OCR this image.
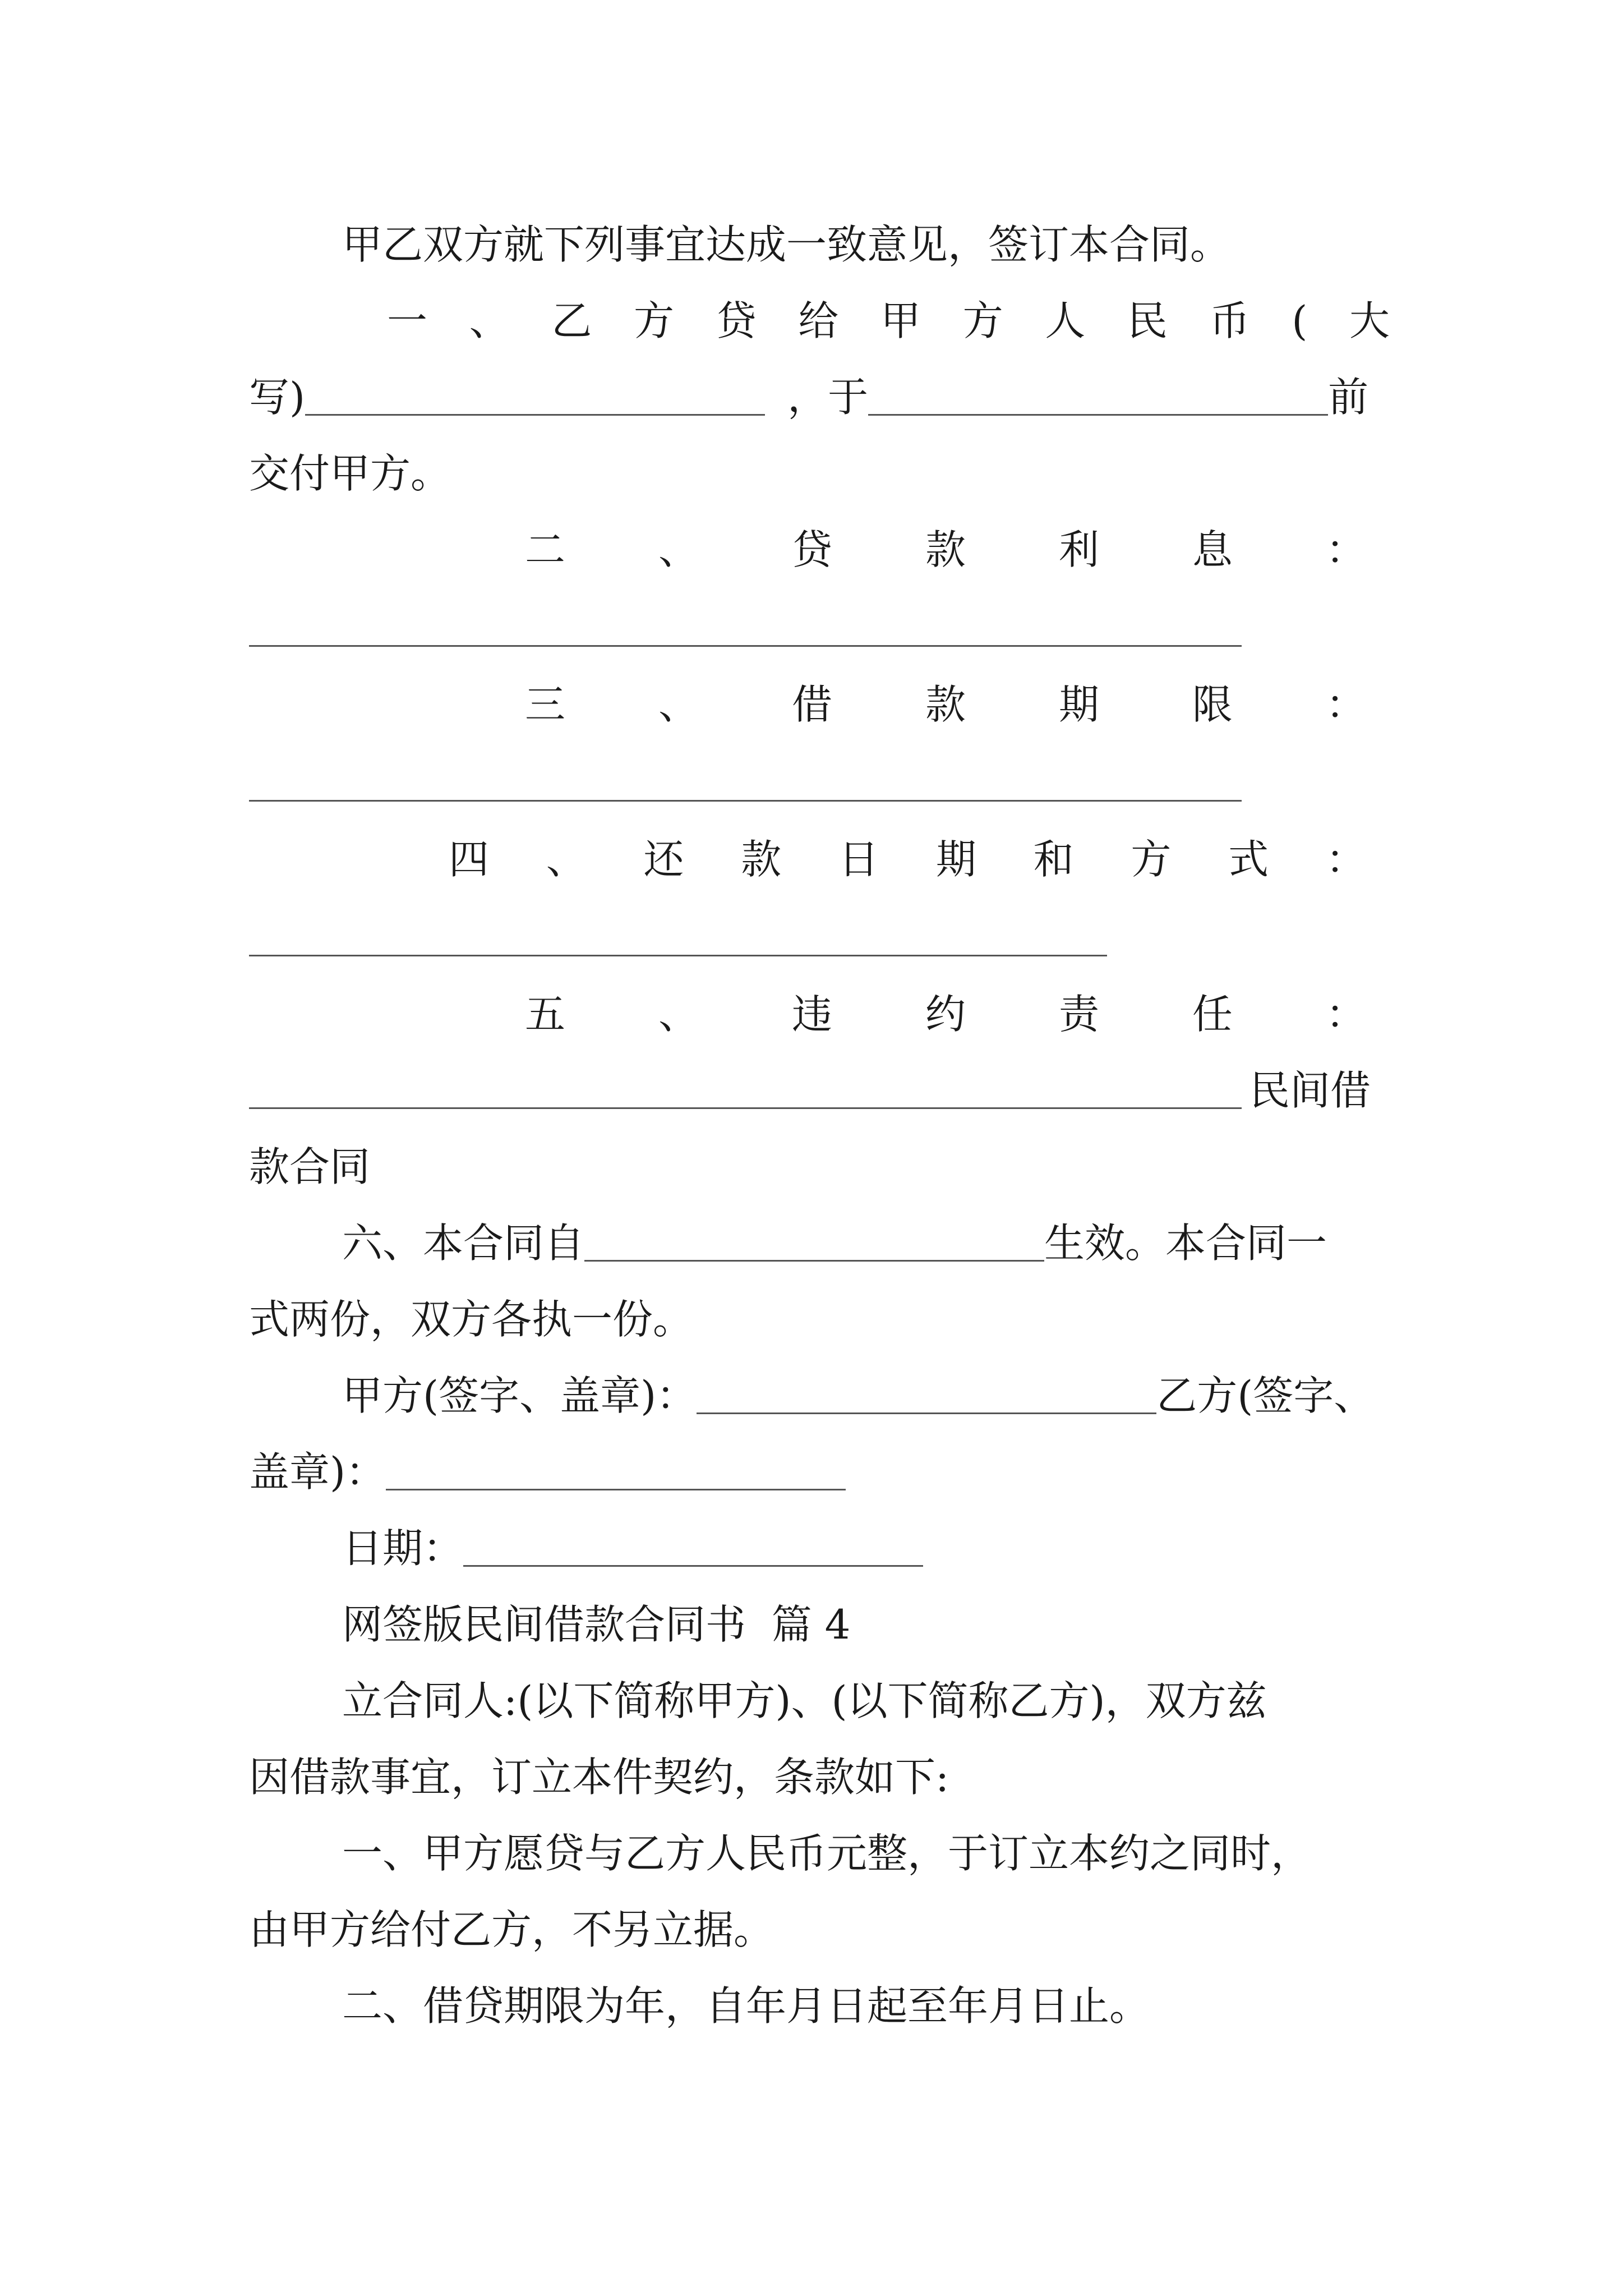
甲乙双方就下列事宜达成一致意见，签订本合同。
一 、 乙 方 贷 给 甲 方 人 民 币 ( 大
写)	，于	前
交付甲方。
二 、 贷 款 利 息 ：
三 、 借 款 期 限 ：
四 、 还 款 日 期 和 方 式 ：
五 、 违 约 责 任 ：
民间借
款合同
六、本合同自	生效。本合同一
式两份，双方各执一份。
甲方(签字、盖章)：	乙方(签字、
盖章)：
日期：
网签版民间借款合同书  篇 4
立合同人:(以下简称甲方)、(以下简称乙方)，双方兹
因借款事宜，订立本件契约，条款如下:
一、甲方愿贷与乙方人民币元整，于订立本约之同时，
由甲方给付乙方，不另立据。
二、借贷期限为年，自年月日起至年月日止。
